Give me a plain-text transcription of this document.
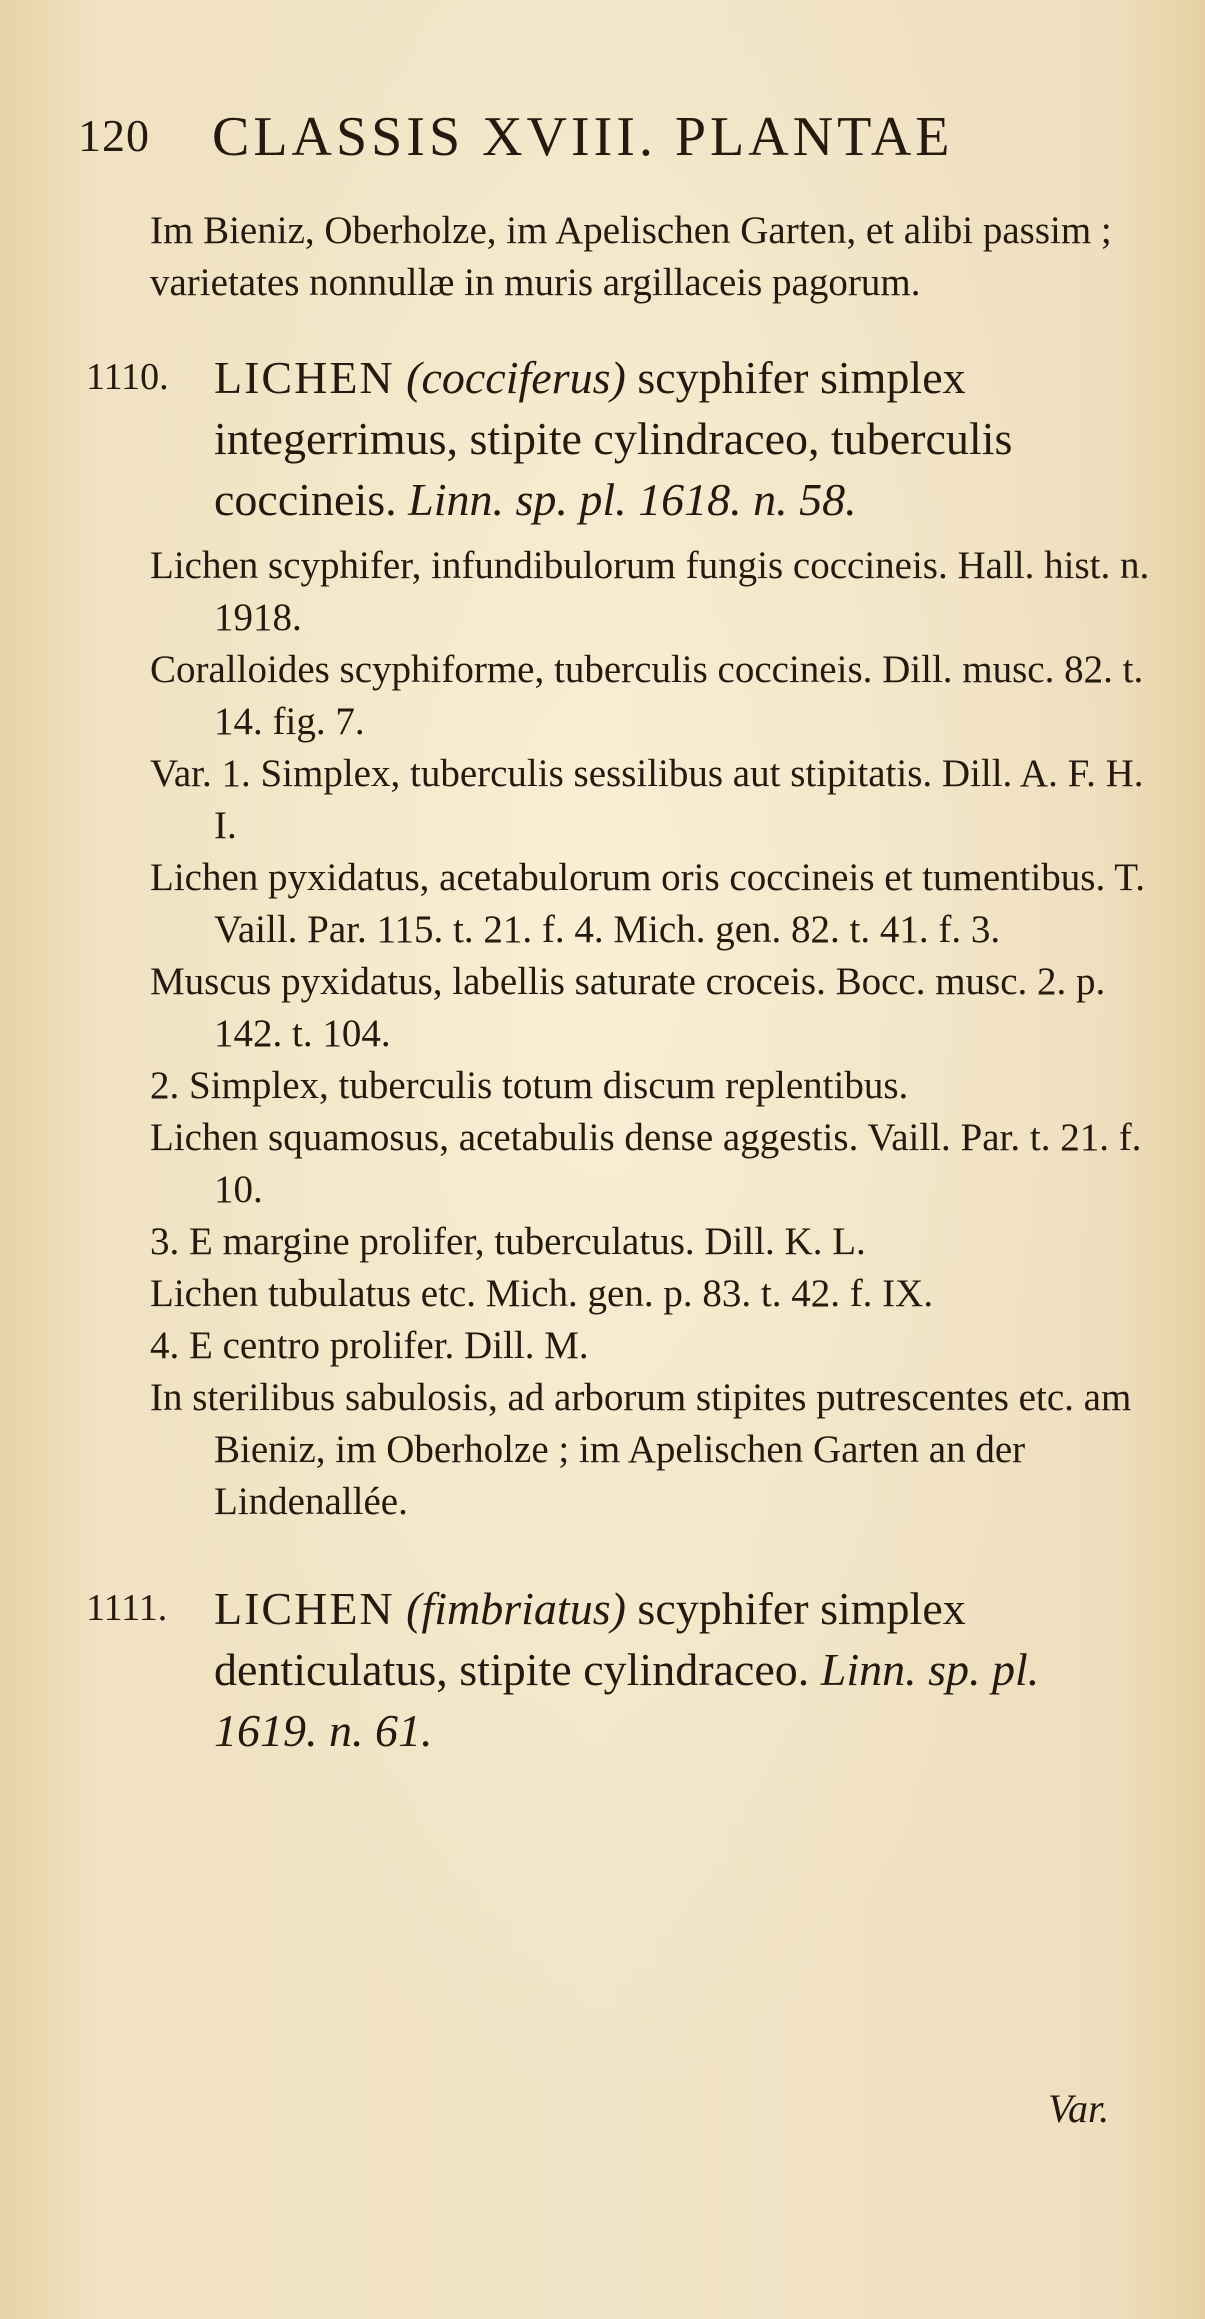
120 CLASSIS XVIII. PLANTAE

Im Bieniz, Oberholze, im Apelischen Garten, et alibi passim ; varietates nonnullæ in muris argillaceis pagorum.

1110. LICHEN (cocciferus) scyphifer simplex integerrimus, stipite cylindraceo, tuberculis coccineis. Linn. sp. pl. 1618. n. 58.

Lichen scyphifer, infundibulorum fungis coccineis. Hall. hist. n. 1918.

Coralloides scyphiforme, tuberculis coccineis. Dill. musc. 82. t. 14. fig. 7.

Var. 1. Simplex, tuberculis sessilibus aut stipitatis. Dill. A. F. H. I.

Lichen pyxidatus, acetabulorum oris coccineis et tumentibus. T. Vaill. Par. 115. t. 21. f. 4. Mich. gen. 82. t. 41. f. 3.

Muscus pyxidatus, labellis saturate croceis. Bocc. musc. 2. p. 142. t. 104.

2. Simplex, tuberculis totum discum replentibus.

Lichen squamosus, acetabulis dense aggestis. Vaill. Par. t. 21. f. 10.

3. E margine prolifer, tuberculatus. Dill. K. L.

Lichen tubulatus etc. Mich. gen. p. 83. t. 42. f. IX.

4. E centro prolifer. Dill. M.

In sterilibus sabulosis, ad arborum stipites putrescentes etc. am Bieniz, im Oberholze ; im Apelischen Garten an der Lindenallée.

1111. LICHEN (fimbriatus) scyphifer simplex denticulatus, stipite cylindraceo. Linn. sp. pl. 1619. n. 61.

Var.
